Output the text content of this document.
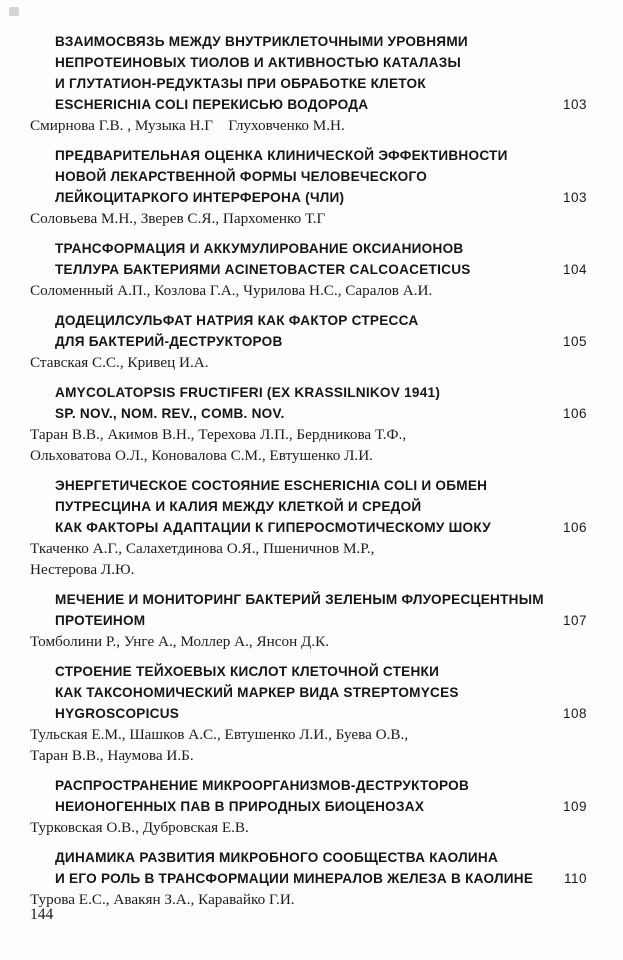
ВЗАИМОСВЯЗЬ МЕЖДУ ВНУТРИКЛЕТОЧНЫМИ УРОВНЯМИ
НЕПРОТЕИНОВЫХ ТИОЛОВ И АКТИВНОСТЬЮ КАТАЛАЗЫ
И ГЛУТАТИОН-РЕДУКТАЗЫ ПРИ ОБРАБОТКЕ КЛЕТОК
ESCHERICHIA COLI ПЕРЕКИСЬЮ ВОДОРОДА	103
Смирнова Г.В. , Музыка Н.Г    Глуховченко М.Н.
ПРЕДВАРИТЕЛЬНАЯ ОЦЕНКА КЛИНИЧЕСКОЙ ЭФФЕКТИВНОСТИ
НОВОЙ ЛЕКАРСТВЕННОЙ ФОРМЫ ЧЕЛОВЕЧЕСКОГО
ЛЕЙКОЦИТАРКОГО ИНТЕРФЕРОНА (ЧЛИ)	103
Соловьева М.Н., Зверев С.Я., Пархоменко Т.Г
ТРАНСФОРМАЦИЯ И АККУМУЛИРОВАНИЕ ОКСИАНИОНОВ
ТЕЛЛУРА БАКТЕРИЯМИ ACINETOBACTER CALCOACETICUS	104
Соломенный А.П., Козлова Г.А., Чурилова Н.С., Саралов А.И.
ДОДЕЦИЛСУЛЬФАТ НАТРИЯ КАК ФАКТОР СТРЕССА
ДЛЯ БАКТЕРИЙ-ДЕСТРУКТОРОВ	105
Ставская С.С., Кривец И.А.
AMYCOLATOPSIS FRUCTIFERI (EX KRASSILNIKOV 1941)
SP. NOV., NOM. REV., COMB. NOV.	106
Таран В.В., Акимов В.Н., Терехова Л.П., Бердникова Т.Ф.,
Ольховатова О.Л., Коновалова С.М., Евтушенко Л.И.
ЭНЕРГЕТИЧЕСКОЕ СОСТОЯНИЕ ESCHERICHIA COLI И ОБМЕН
ПУТРЕСЦИНА И КАЛИЯ МЕЖДУ КЛЕТКОЙ И СРЕДОЙ
КАК ФАКТОРЫ АДАПТАЦИИ К ГИПЕРОСМОТИЧЕСКОМУ ШОКУ	106
Ткаченко А.Г., Салахетдинова О.Я., Пшеничнов М.Р.,
Нестерова Л.Ю.
МЕЧЕНИЕ И МОНИТОРИНГ БАКТЕРИЙ ЗЕЛЕНЫМ ФЛУОРЕСЦЕНТНЫМ
ПРОТЕИНОМ	107
Томболини Р., Унге А., Моллер А., Янсон Д.К.
СТРОЕНИЕ ТЕЙХОЕВЫХ КИСЛОТ КЛЕТОЧНОЙ СТЕНКИ
КАК ТАКСОНОМИЧЕСКИЙ МАРКЕР ВИДА STREPTOMYCES
HYGROSCOPICUS	108
Тульская Е.М., Шашков А.С., Евтушенко Л.И., Буева О.В.,
Таран В.В., Наумова И.Б.
РАСПРОСТРАНЕНИЕ МИКРООРГАНИЗМОВ-ДЕСТРУКТОРОВ
НЕИОНОГЕННЫХ ПАВ В ПРИРОДНЫХ БИОЦЕНОЗАХ	109
Турковская О.В., Дубровская Е.В.
ДИНАМИКА РАЗВИТИЯ МИКРОБНОГО СООБЩЕСТВА КАОЛИНА
И ЕГО РОЛЬ В ТРАНСФОРМАЦИИ МИНЕРАЛОВ ЖЕЛЕЗА В КАОЛИНЕ	110
Турова Е.С., Авакян З.А., Каравайко Г.И.
144
